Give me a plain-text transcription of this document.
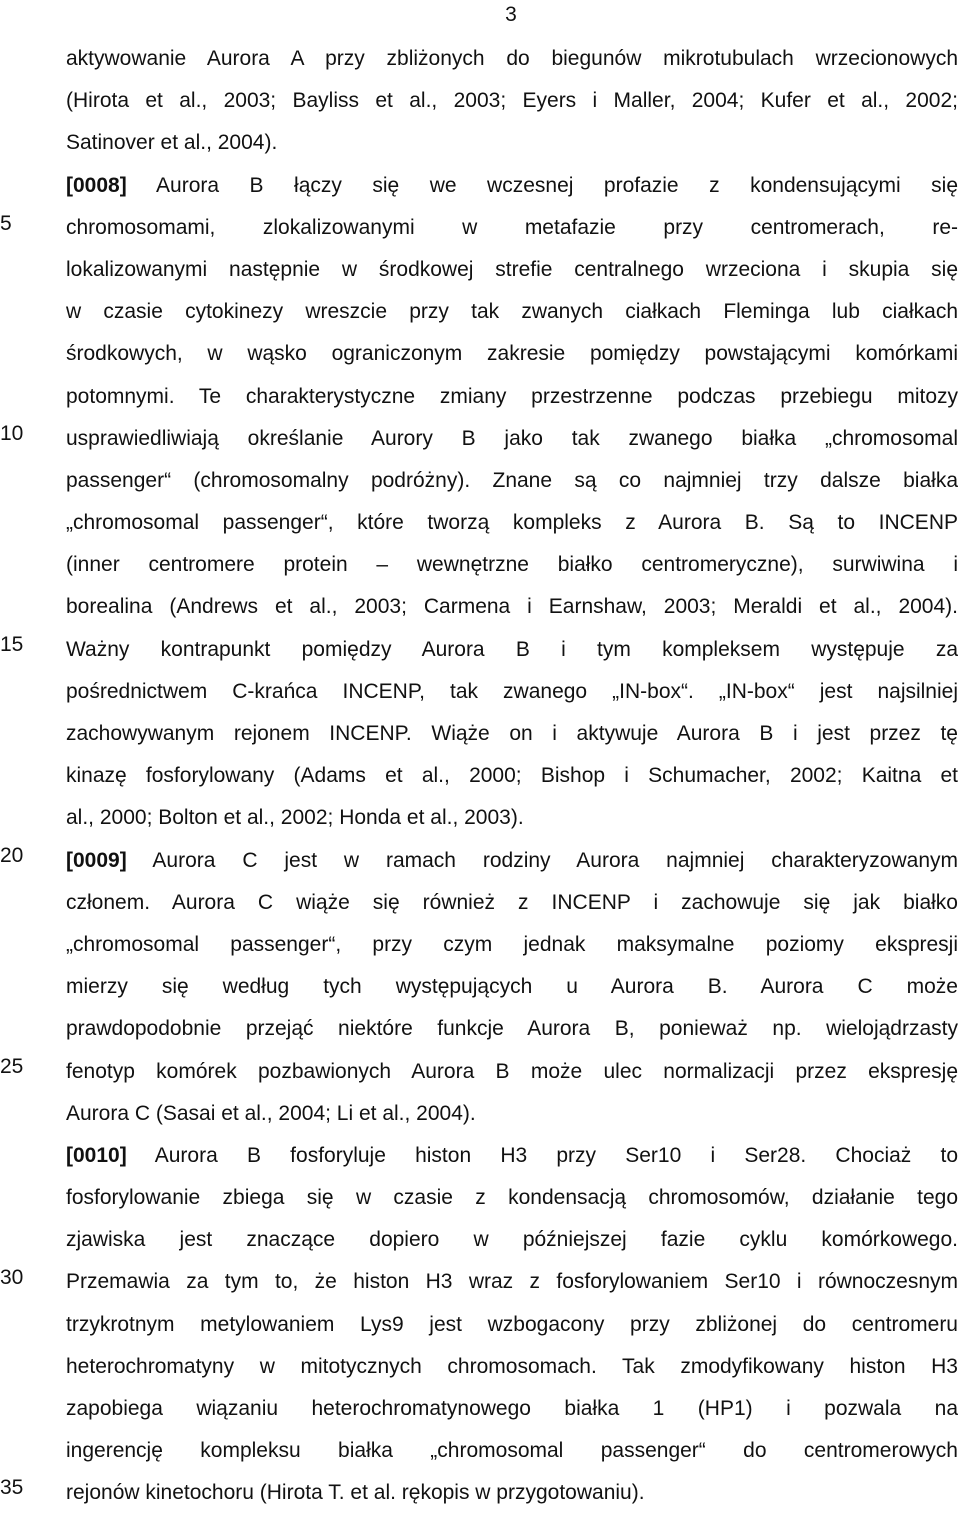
3
5
10
15
20
25
30
35
aktywowanie Aurora A przy zbliżonych do biegunów mikrotubulach wrzecionowych
(Hirota et al., 2003; Bayliss et al., 2003; Eyers i Maller, 2004; Kufer et al., 2002;
Satinover et al., 2004).
[0008] Aurora B łączy się we wczesnej profazie z kondensującymi się
chromosomami, zlokalizowanymi w metafazie przy centromerach, re-
lokalizowanymi następnie w środkowej strefie centralnego wrzeciona i skupia się
w czasie cytokinezy wreszcie przy tak zwanych ciałkach Fleminga lub ciałkach
środkowych, w wąsko ograniczonym zakresie pomiędzy powstającymi komórkami
potomnymi. Te charakterystyczne zmiany przestrzenne podczas przebiegu mitozy
usprawiedliwiają określanie Aurory B jako tak zwanego białka „chromosomal
passenger“ (chromosomalny podróżny). Znane są co najmniej trzy dalsze białka
„chromosomal passenger“, które tworzą kompleks z Aurora B. Są to INCENP
(inner centromere protein – wewnętrzne białko centromeryczne), surwiwina i
borealina (Andrews et al., 2003; Carmena i Earnshaw, 2003; Meraldi et al., 2004).
Ważny kontrapunkt pomiędzy Aurora B i tym kompleksem występuje za
pośrednictwem C-krańca INCENP, tak zwanego „IN-box“. „IN-box“ jest najsilniej
zachowywanym rejonem INCENP. Wiąże on i aktywuje Aurora B i jest przez tę
kinazę fosforylowany (Adams et al., 2000; Bishop i Schumacher, 2002; Kaitna et
al., 2000; Bolton et al., 2002; Honda et al., 2003).
[0009] Aurora C jest w ramach rodziny Aurora najmniej charakteryzowanym
członem. Aurora C wiąże się również z INCENP i zachowuje się jak białko
„chromosomal passenger“, przy czym jednak maksymalne poziomy ekspresji
mierzy się według tych występujących u Aurora B. Aurora C może
prawdopodobnie przejąć niektóre funkcje Aurora B, ponieważ np. wielojądrzasty
fenotyp komórek pozbawionych Aurora B może ulec normalizacji przez ekspresję
Aurora C (Sasai et al., 2004; Li et al., 2004).
[0010] Aurora B fosforyluje histon H3 przy Ser10 i Ser28. Chociaż to
fosforylowanie zbiega się w czasie z kondensacją chromosomów, działanie tego
zjawiska jest znaczące dopiero w późniejszej fazie cyklu komórkowego.
Przemawia za tym to, że histon H3 wraz z fosforylowaniem Ser10 i równoczesnym
trzykrotnym metylowaniem Lys9 jest wzbogacony przy zbliżonej do centromeru
heterochromatyny w mitotycznych chromosomach. Tak zmodyfikowany histon H3
zapobiega wiązaniu heterochromatynowego białka 1 (HP1) i pozwala na
ingerencję kompleksu białka „chromosomal passenger“ do centromerowych
rejonów kinetochoru (Hirota T. et al. rękopis w przygotowaniu).
